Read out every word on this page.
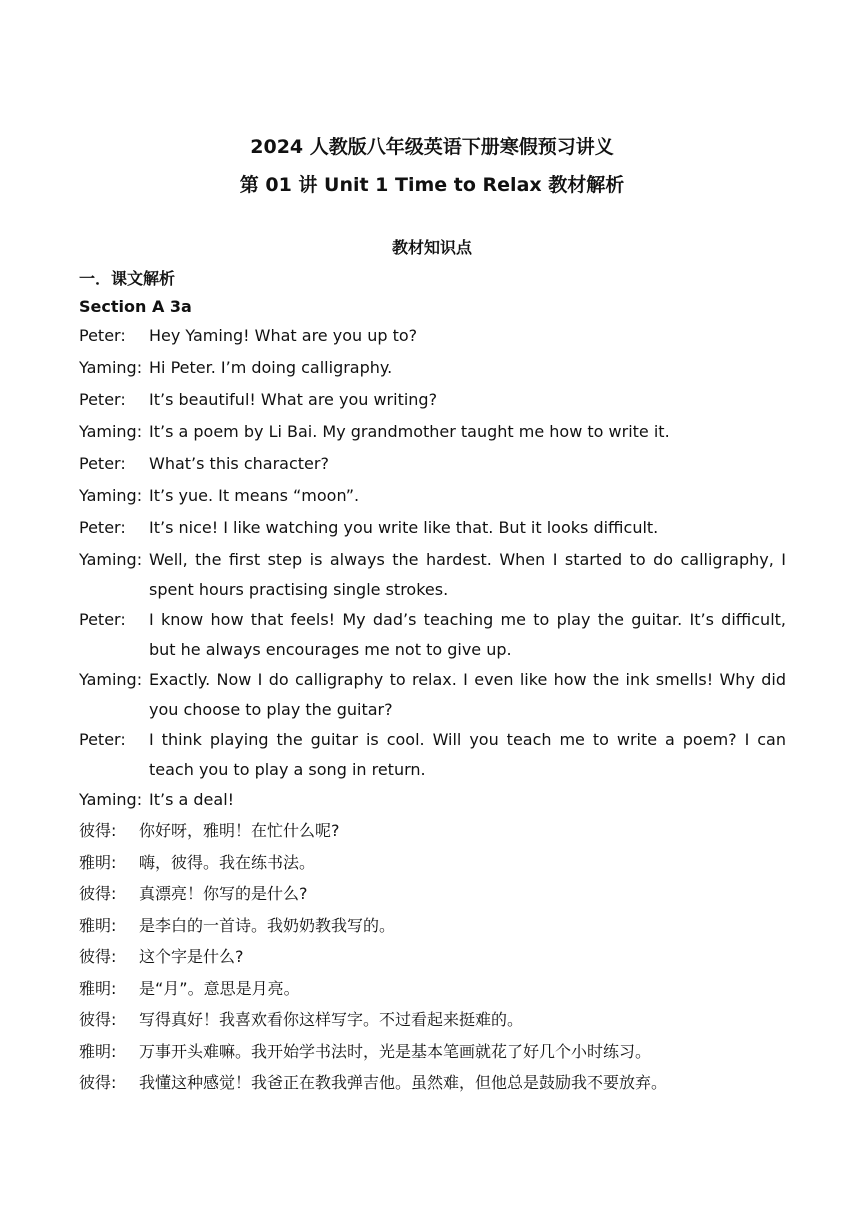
2024 人教版八年级英语下册寒假预习讲义
第 01 讲 Unit 1 Time to Relax 教材解析
教材知识点
一．课文解析
Section A 3a
Peter: Hey Yaming! What are you up to?
Yaming: Hi Peter. I’m doing calligraphy.
Peter: It’s beautiful! What are you writing?
Yaming: It’s a poem by Li Bai. My grandmother taught me how to write it.
Peter: What’s this character?
Yaming: It’s yue. It means “moon”.
Peter: It’s nice! I like watching you write like that. But it looks difficult.
Yaming: Well, the first step is always the hardest. When I started to do calligraphy, I spent hours practising single strokes.
Peter: I know how that feels! My dad’s teaching me to play the guitar. It’s difficult, but he always encourages me not to give up.
Yaming: Exactly. Now I do calligraphy to relax. I even like how the ink smells! Why did you choose to play the guitar?
Peter: I think playing the guitar is cool. Will you teach me to write a poem? I can teach you to play a song in return.
Yaming: It’s a deal!
彼得: 你好呀，雅明！在忙什么呢?
雅明: 嗨，彼得。我在练书法。
彼得: 真漂亮！你写的是什么?
雅明: 是李白的一首诗。我奶奶教我写的。
彼得: 这个字是什么?
雅明: 是“月”。意思是月亮。
彼得: 写得真好！我喜欢看你这样写字。不过看起来挺难的。
雅明: 万事开头难嘛。我开始学书法时，光是基本笔画就花了好几个小时练习。
彼得: 我懂这种感觉！我爸正在教我弹吉他。虽然难，但他总是鼓励我不要放弃。
